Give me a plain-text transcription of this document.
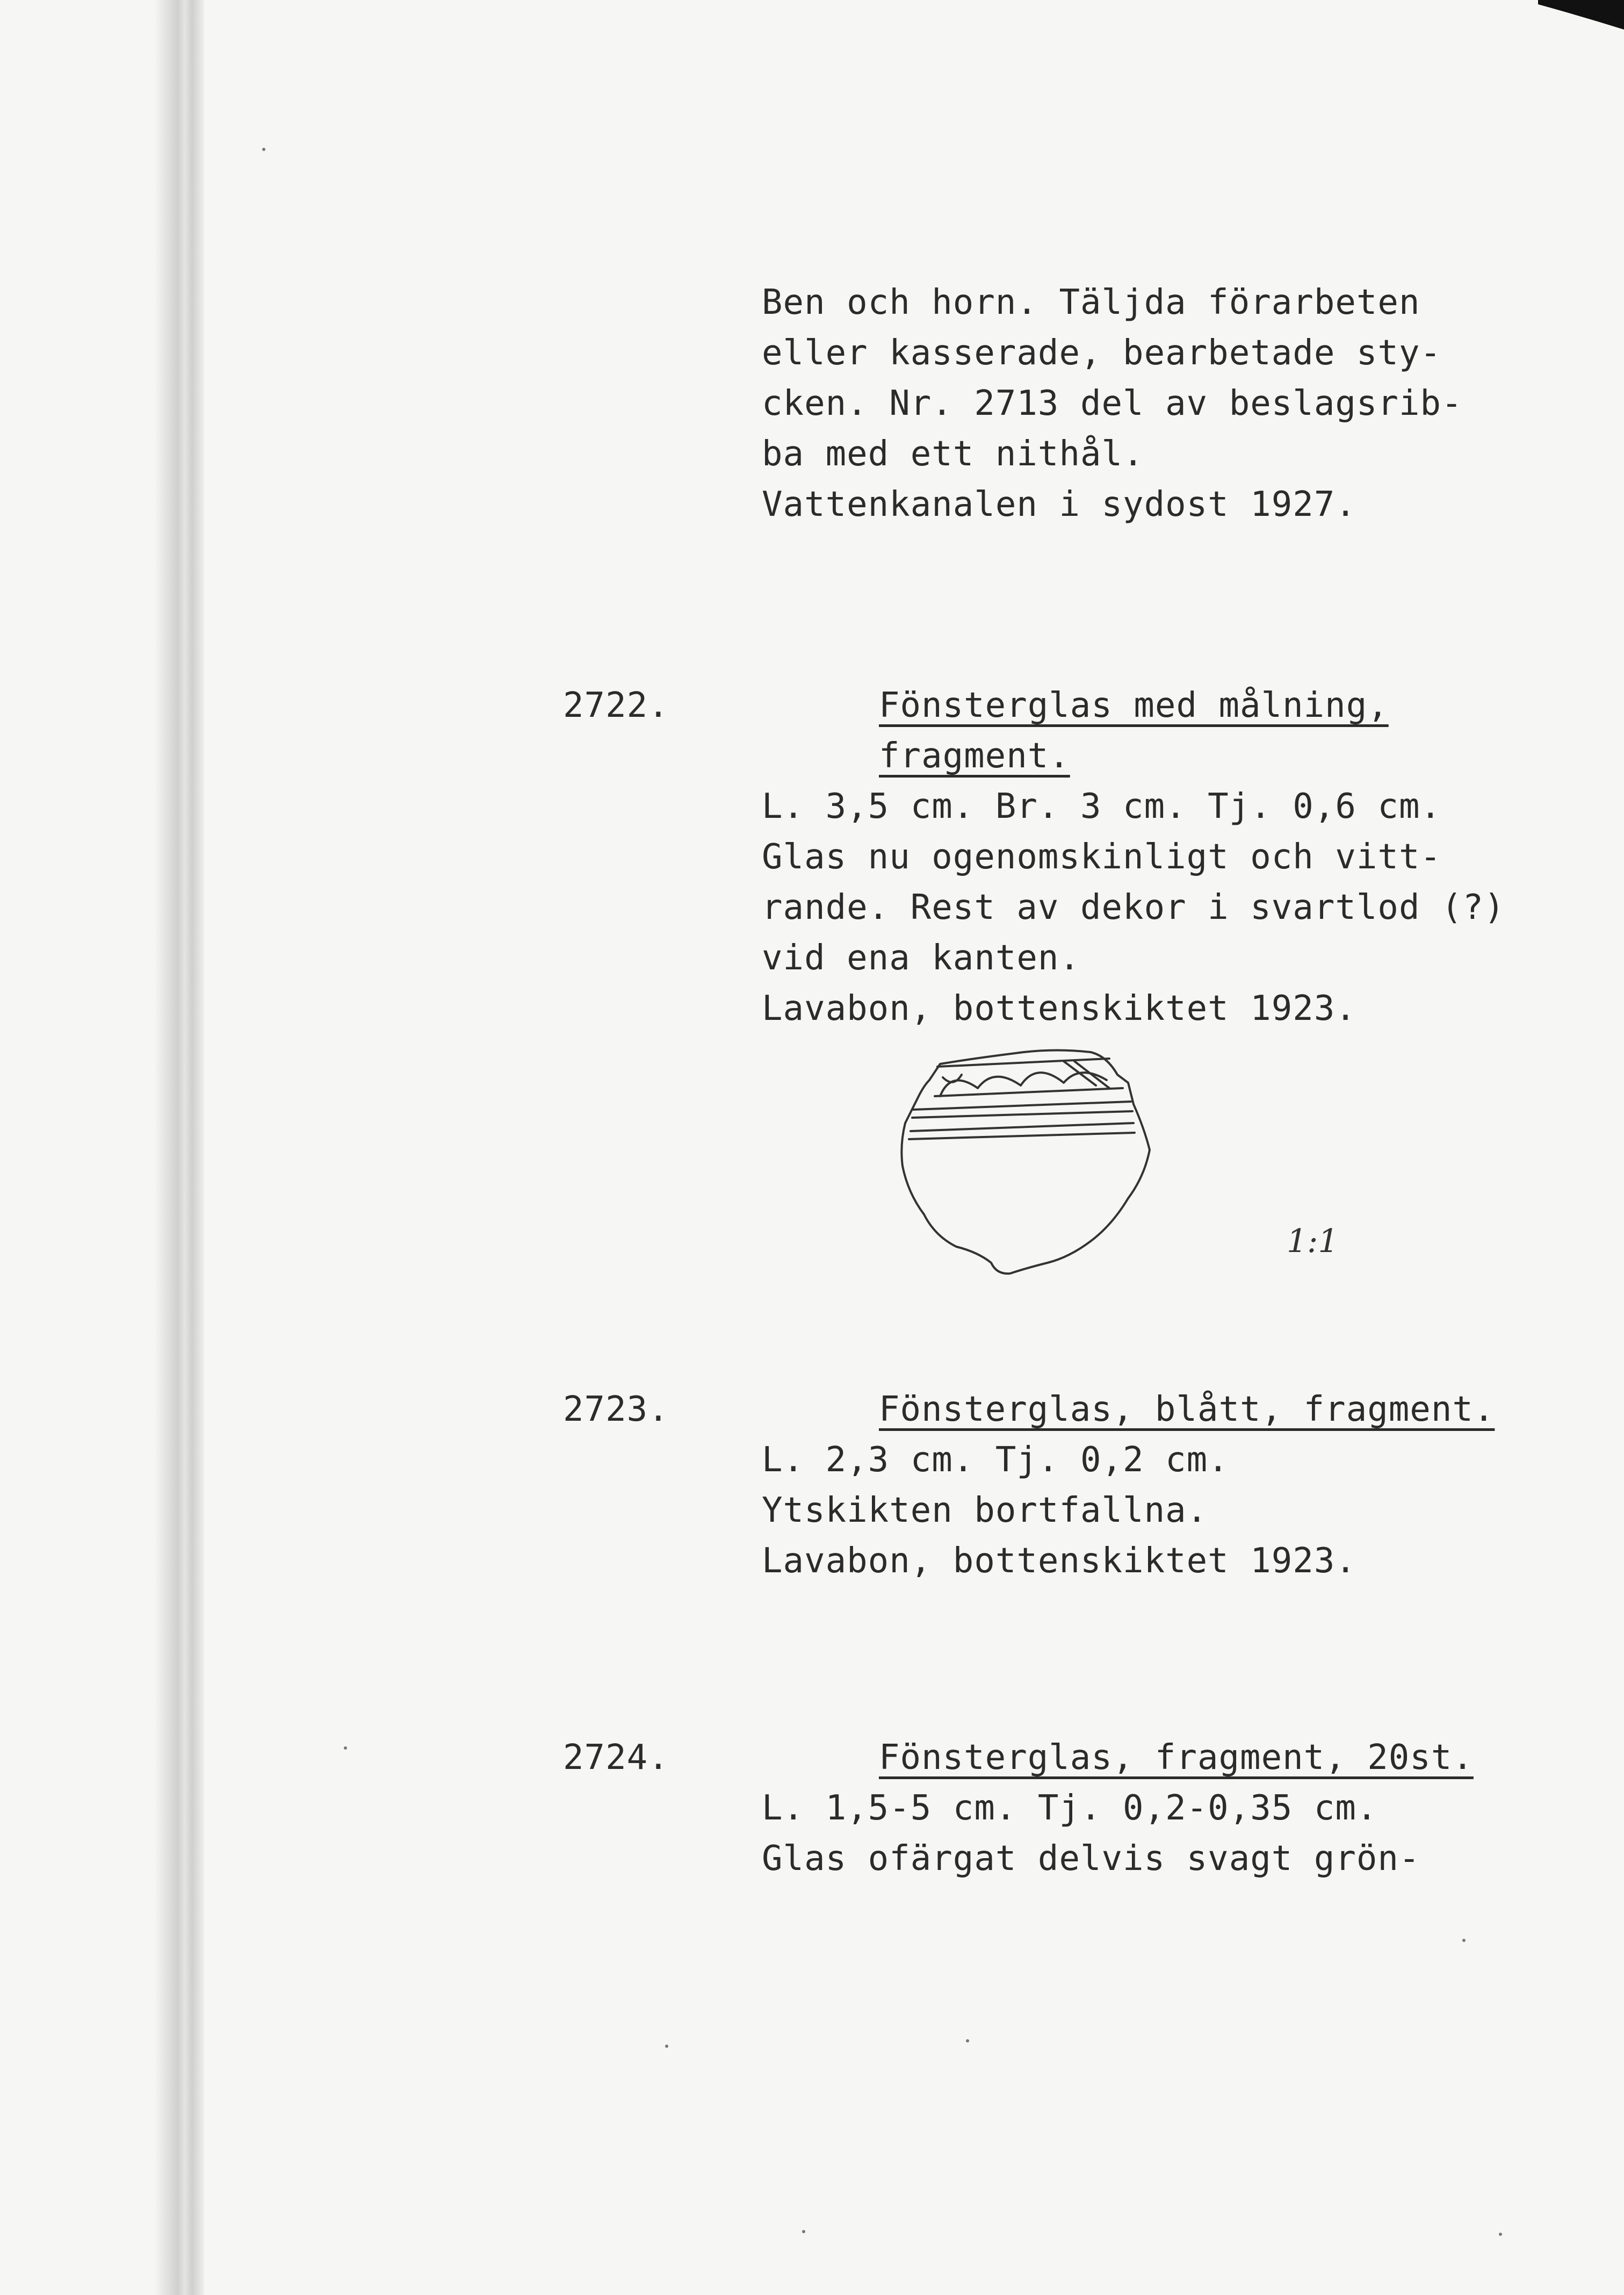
Ben och horn. Täljda förarbeten
eller kasserade, bearbetade sty-
cken. Nr. 2713 del av beslagsrib-
ba med ett nithål.
Vattenkanalen i sydost 1927.
2722.	Fönsterglas med målning,
fragment.
L. 3,5 cm. Br. 3 cm. Tj. 0,6 cm.
Glas nu ogenomskinligt och vitt-
rande. Rest av dekor i svartlod (?)
vid ena kanten.
Lavabon, bottenskiktet 1923.
1:1
2723.	Fönsterglas, blått, fragment.
L. 2,3 cm. Tj. 0,2 cm.
Ytskikten bortfallna.
Lavabon, bottenskiktet 1923.
2724.	Fönsterglas, fragment, 20st.
L. 1,5-5 cm. Tj. 0,2-0,35 cm.
Glas ofärgat delvis svagt grön-
